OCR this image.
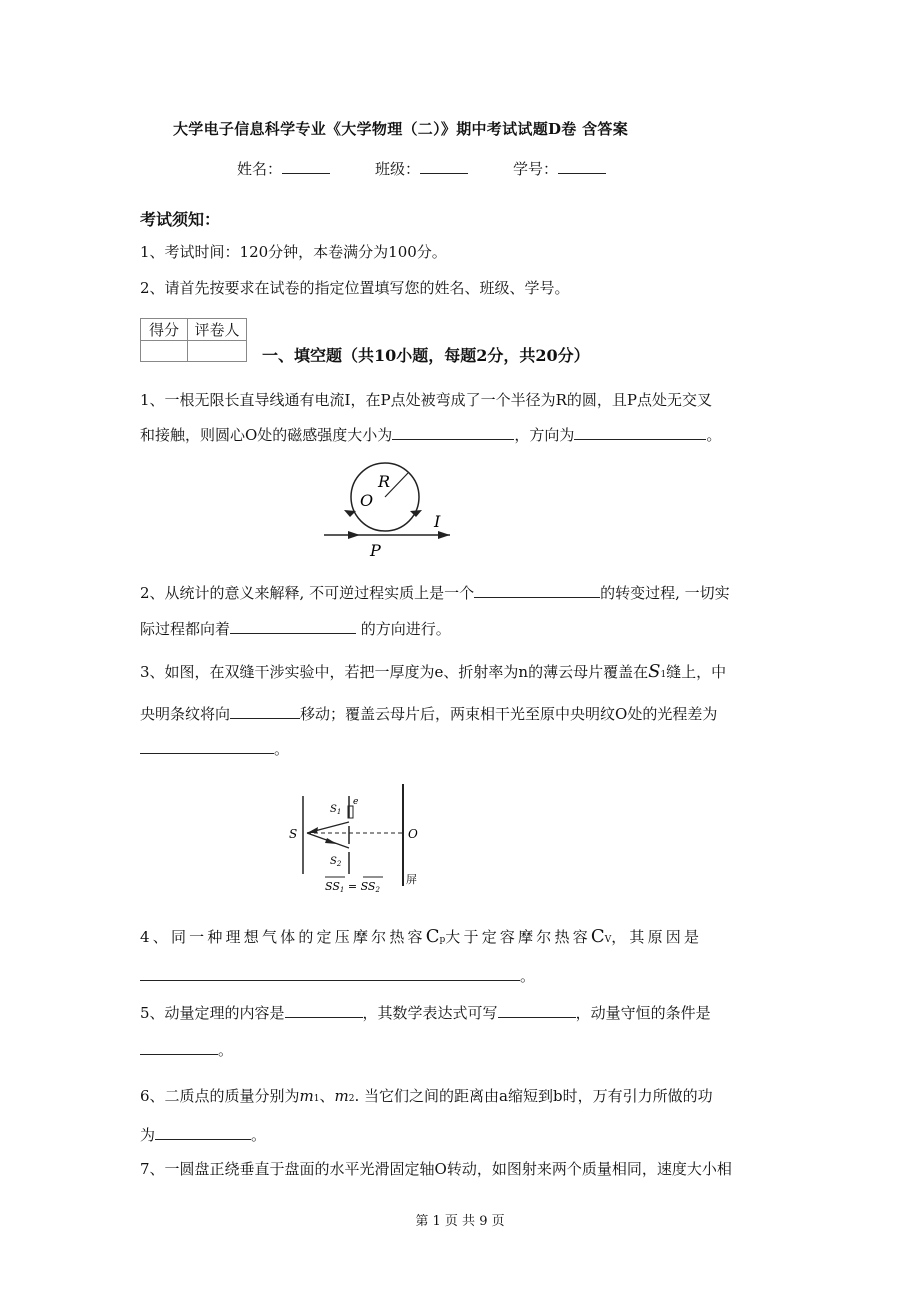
大学电子信息科学专业《大学物理（二）》期中考试试题D卷 含答案
姓名：	班级：	学号：
考试须知：
1、考试时间：120分钟，本卷满分为100分。
2、请首先按要求在试卷的指定位置填写您的姓名、班级、学号。
得分	评卷人

一、填空题（共10小题，每题2分，共20分）
1、一根无限长直导线通有电流I，在P点处被弯成了一个半径为R的圆，且P点处无交叉
和接触，则圆心O处的磁感强度大小为	，方向为	。
R
O
I
P
2、从统计的意义来解释, 不可逆过程实质上是一个	的转变过程, 一切实
际过程都向着	的方向进行。
3、如图，在双缝干涉实验中，若把一厚度为e、折射率为n的薄云母片覆盖在S1缝上，中
央明条纹将向	移动；覆盖云母片后，两束相干光至原中央明纹O处的光程差为
。
S
$S_1$
e
$S_2$
O
屏
SS1 = SS2
4、同一种理想气体的定压摩尔热容Cp大于定容摩尔热容CV，其原因是
。
5、动量定理的内容是	，其数学表达式可写	，动量守恒的条件是
。
6、二质点的质量分别为m1、m2. 当它们之间的距离由a缩短到b时，万有引力所做的功
为	。
7、一圆盘正绕垂直于盘面的水平光滑固定轴O转动，如图射来两个质量相同，速度大小相
第 1 页 共 9 页
